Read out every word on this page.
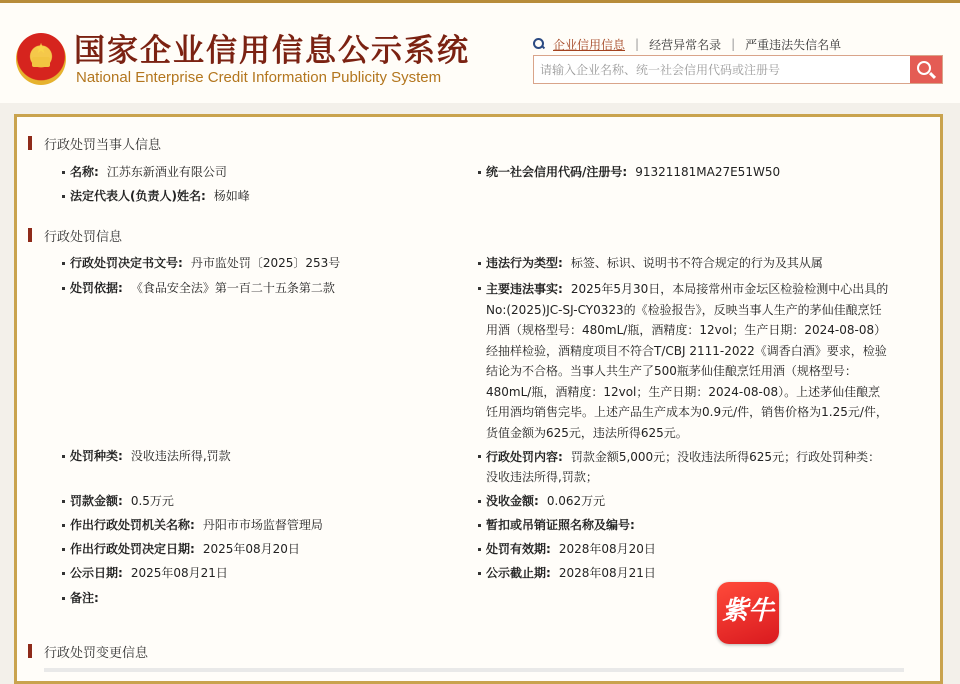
★ 国家企业信用信息公示系统
National Enterprise Credit Information Publicity System
企业信用信息 | 经营异常名录 | 严重违法失信名单
请输入企业名称、统一社会信用代码或注册号
行政处罚当事人信息
名称: 江苏东新酒业有限公司	统一社会信用代码/注册号: 91321181MA27E51W50
法定代表人(负责人)姓名: 杨如峰
行政处罚信息
行政处罚决定书文号: 丹市监处罚〔2025〕253号	违法行为类型: 标签、标识、说明书不符合规定的行为及其从属
处罚依据: 《食品安全法》第一百二十五条第二款	主要违法事实: 2025年5月30日，本局接常州市金坛区检验检测中心出具的No:(2025)JC-SJ-CY0323的《检验报告》，反映当事人生产的茅仙佳酿烹饪用酒（规格型号：480mL/瓶，酒精度：12vol；生产日期：2024-08-08）经抽样检验，酒精度项目不符合T/CBJ 2111-2022《调香白酒》要求，检验结论为不合格。当事人共生产了500瓶茅仙佳酿烹饪用酒（规格型号：480mL/瓶，酒精度：12vol；生产日期：2024-08-08）。上述茅仙佳酿烹饪用酒均销售完毕。上述产品生产成本为0.9元/件，销售价格为1.25元/件，货值金额为625元，违法所得625元。
处罚种类: 没收违法所得,罚款	行政处罚内容: 罚款金额5,000元；没收违法所得625元；行政处罚种类：没收违法所得,罚款；
罚款金额: 0.5万元	没收金额: 0.062万元
作出行政处罚机关名称: 丹阳市市场监督管理局	暂扣或吊销证照名称及编号:
作出行政处罚决定日期: 2025年08月20日	处罚有效期: 2028年08月20日
公示日期: 2025年08月21日	公示截止期: 2028年08月21日
备注:
行政处罚变更信息
紫牛
